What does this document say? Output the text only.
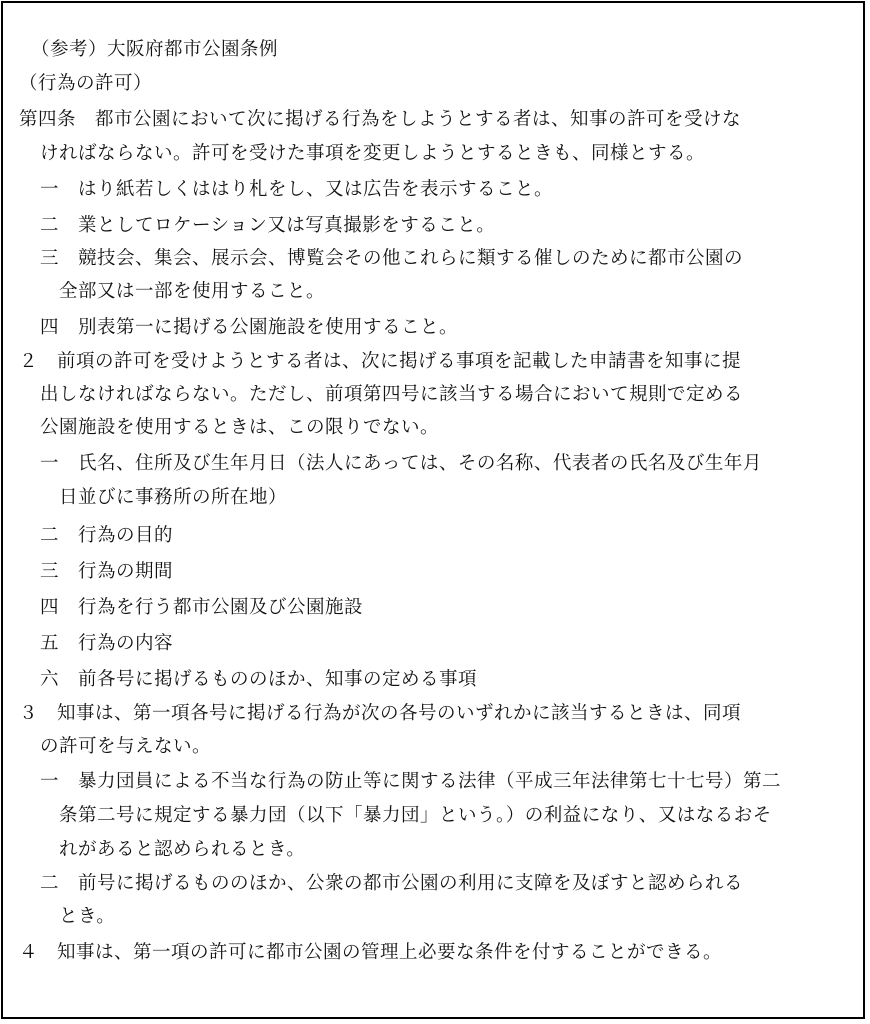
（参考）大阪府都市公園条例
（行為の許可）
第四条　都市公園において次に掲げる行為をしようとする者は、知事の許可を受けな
ければならない。許可を受けた事項を変更しようとするときも、同様とする。
一　はり紙若しくははり札をし、又は広告を表示すること。
二　業としてロケーション又は写真撮影をすること。
三　競技会、集会、展示会、博覧会その他これらに類する催しのために都市公園の
全部又は一部を使用すること。
四　別表第一に掲げる公園施設を使用すること。
２　前項の許可を受けようとする者は、次に掲げる事項を記載した申請書を知事に提
出しなければならない。ただし、前項第四号に該当する場合において規則で定める
公園施設を使用するときは、この限りでない。
一　氏名、住所及び生年月日（法人にあっては、その名称、代表者の氏名及び生年月
日並びに事務所の所在地）
二　行為の目的
三　行為の期間
四　行為を行う都市公園及び公園施設
五　行為の内容
六　前各号に掲げるもののほか、知事の定める事項
３　知事は、第一項各号に掲げる行為が次の各号のいずれかに該当するときは、同項
の許可を与えない。
一　暴力団員による不当な行為の防止等に関する法律（平成三年法律第七十七号）第二
条第二号に規定する暴力団（以下「暴力団」という。）の利益になり、又はなるおそ
れがあると認められるとき。
二　前号に掲げるもののほか、公衆の都市公園の利用に支障を及ぼすと認められる
とき。
４　知事は、第一項の許可に都市公園の管理上必要な条件を付することができる。
